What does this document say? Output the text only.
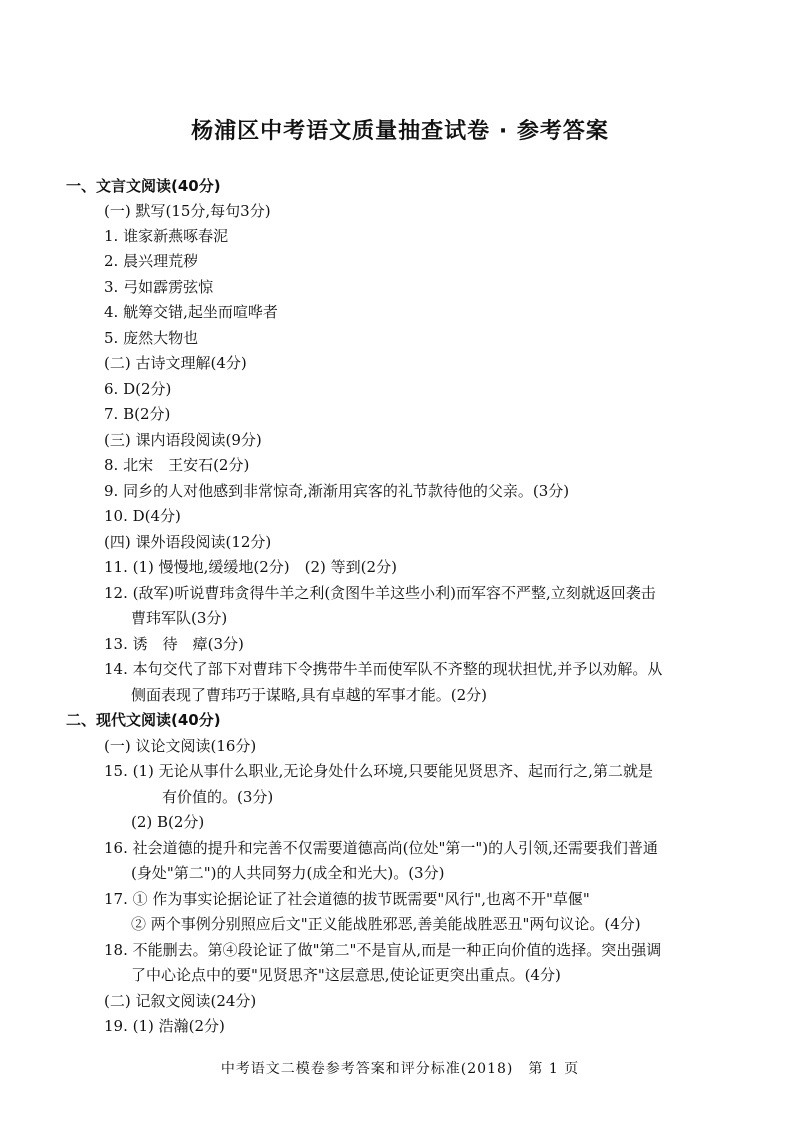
杨浦区中考语文质量抽查试卷 · 参考答案
一、文言文阅读(40分)
(一) 默写(15分,每句3分)
1. 谁家新燕啄春泥
2. 晨兴理荒秽
3. 弓如霹雳弦惊
4. 觥筹交错,起坐而喧哗者
5. 庞然大物也
(二) 古诗文理解(4分)
6. D(2分)
7. B(2分)
(三) 课内语段阅读(9分)
8. 北宋　王安石(2分)
9. 同乡的人对他感到非常惊奇,渐渐用宾客的礼节款待他的父亲。(3分)
10. D(4分)
(四) 课外语段阅读(12分)
11. (1) 慢慢地,缓缓地(2分)　(2) 等到(2分)
12. (敌军)听说曹玮贪得牛羊之利(贪图牛羊这些小利)而军容不严整,立刻就返回袭击
曹玮军队(3分)
13. 诱　待　瘴(3分)
14. 本句交代了部下对曹玮下令携带牛羊而使军队不齐整的现状担忧,并予以劝解。从
侧面表现了曹玮巧于谋略,具有卓越的军事才能。(2分)
二、现代文阅读(40分)
(一) 议论文阅读(16分)
15. (1) 无论从事什么职业,无论身处什么环境,只要能见贤思齐、起而行之,第二就是
有价值的。(3分)
(2) B(2分)
16. 社会道德的提升和完善不仅需要道德高尚(位处"第一")的人引领,还需要我们普通
(身处"第二")的人共同努力(成全和光大)。(3分)
17. ① 作为事实论据论证了社会道德的拔节既需要"风行",也离不开"草偃"
② 两个事例分别照应后文"正义能战胜邪恶,善美能战胜恶丑"两句议论。(4分)
18. 不能删去。第④段论证了做"第二"不是盲从,而是一种正向价值的选择。突出强调
了中心论点中的要"见贤思齐"这层意思,使论证更突出重点。(4分)
(二) 记叙文阅读(24分)
19. (1) 浩瀚(2分)
中考语文二模卷参考答案和评分标准(2018)　第 1 页
